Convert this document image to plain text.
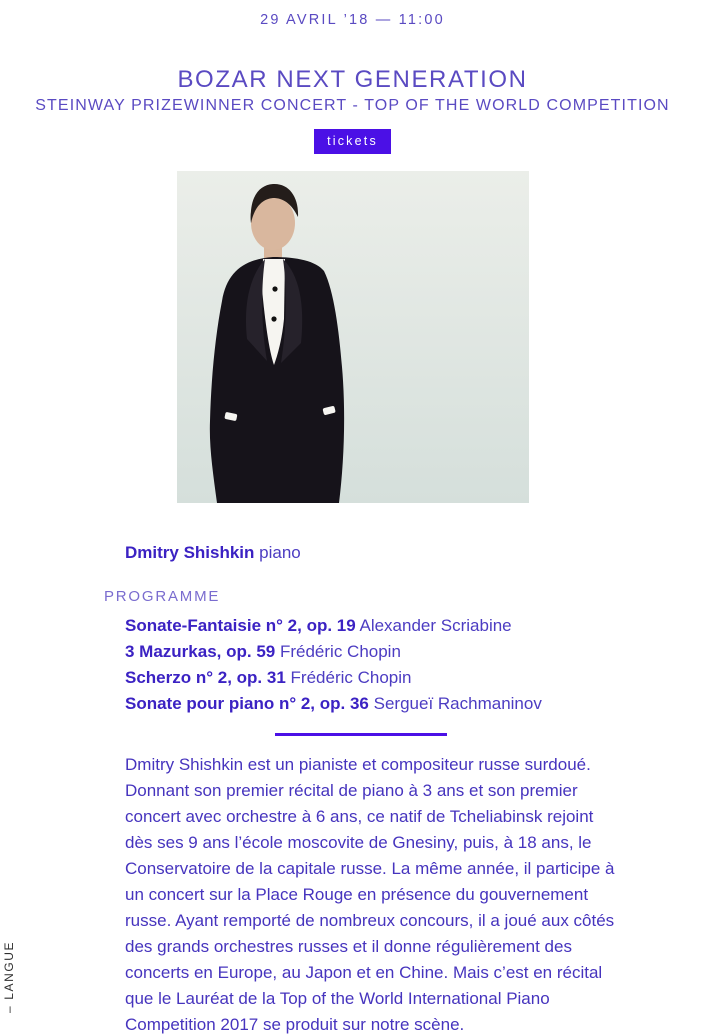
29 AVRIL ’18 — 11:00
BOZAR NEXT GENERATION
STEINWAY PRIZEWINNER CONCERT - TOP OF THE WORLD COMPETITION
tickets
Dmitry Shishkin piano
PROGRAMME
Sonate-Fantaisie n° 2, op. 19 Alexander Scriabine
3 Mazurkas, op. 59 Frédéric Chopin
Scherzo n° 2, op. 31 Frédéric Chopin
Sonate pour piano n° 2, op. 36 Sergueï Rachmaninov
Dmitry Shishkin est un pianiste et compositeur russe surdoué. Donnant son premier récital de piano à 3 ans et son premier concert avec orchestre à 6 ans, ce natif de Tcheliabinsk rejoint dès ses 9 ans l’école moscovite de Gnesiny, puis, à 18 ans, le Conservatoire de la capitale russe. La même année, il participe à un concert sur la Place Rouge en présence du gouvernement russe. Ayant remporté de nombreux concours, il a joué aux côtés des grands orchestres russes et il donne régulièrement des concerts en Europe, au Japon et en Chine. Mais c’est en récital que le Lauréat de la Top of the World International Piano Competition 2017 se produit sur notre scène.
– LANGUE
